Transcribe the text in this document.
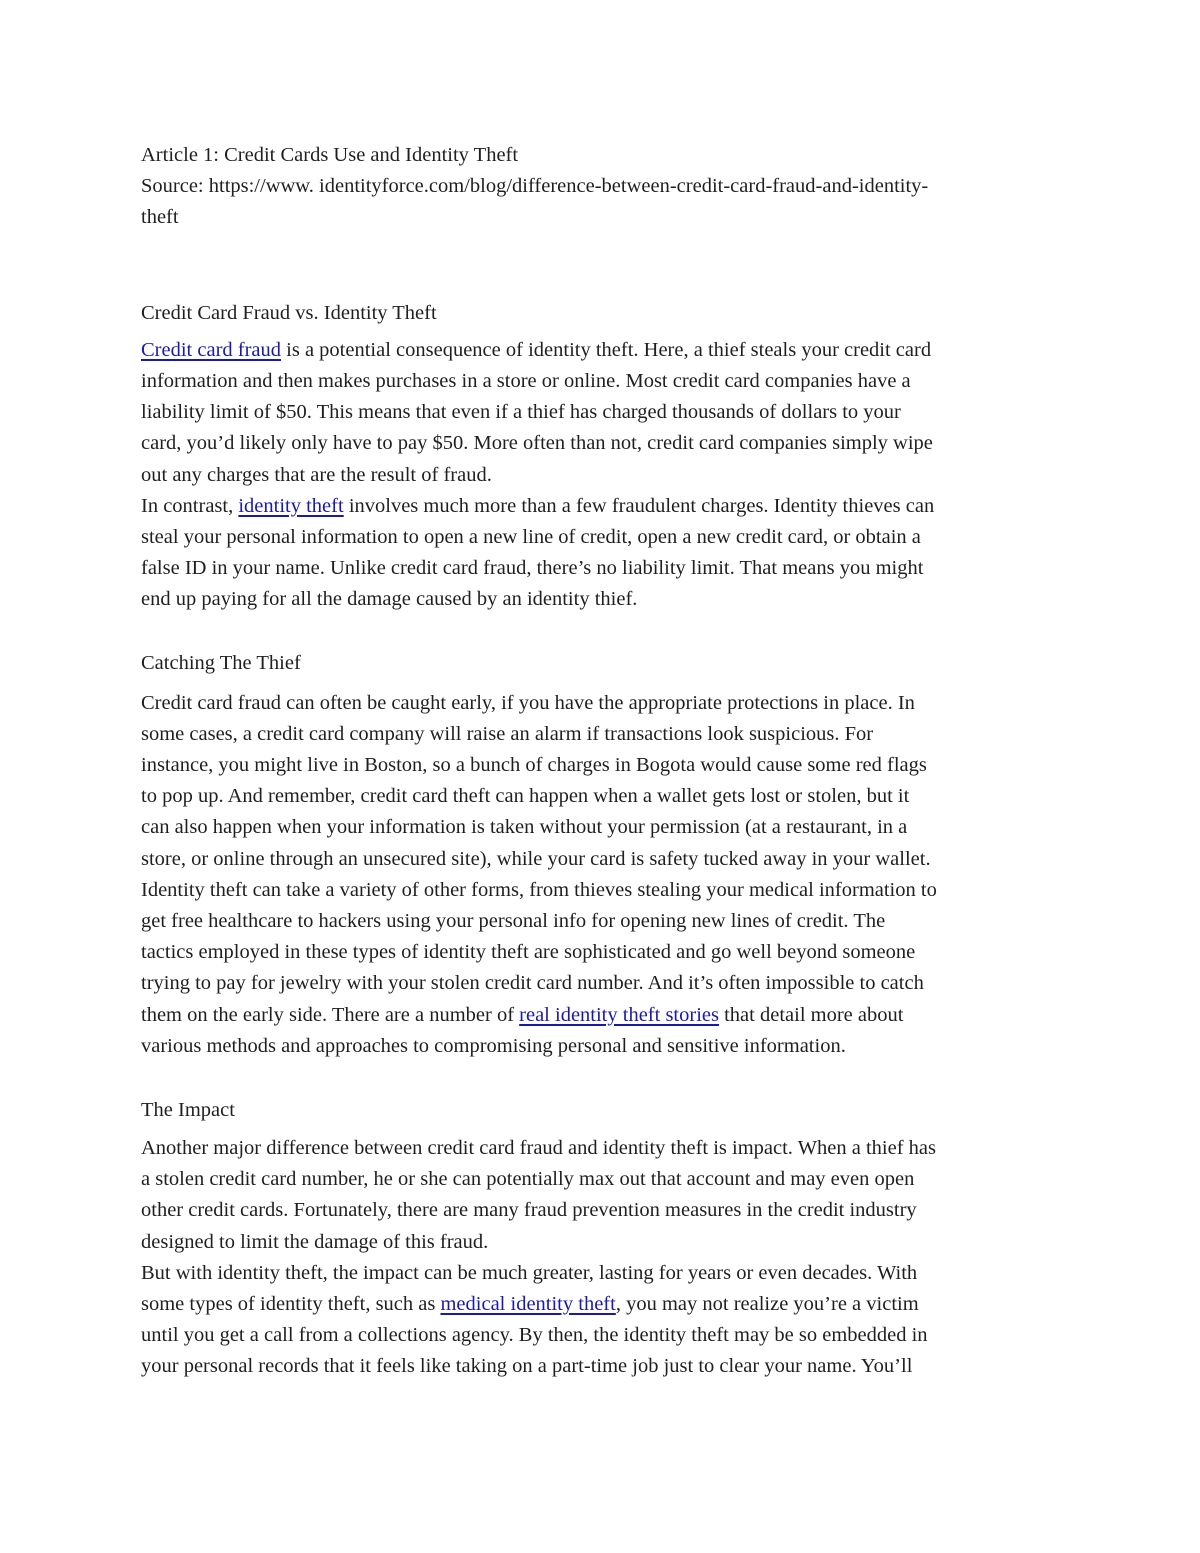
Article 1: Credit Cards Use and Identity Theft
Source: https://www. identityforce.com/blog/difference-between-credit-card-fraud-and-identity-
theft
Credit Card Fraud vs. Identity Theft
Credit card fraud is a potential consequence of identity theft. Here, a thief steals your credit card
information and then makes purchases in a store or online. Most credit card companies have a
liability limit of $50. This means that even if a thief has charged thousands of dollars to your
card, you’d likely only have to pay $50. More often than not, credit card companies simply wipe
out any charges that are the result of fraud.
In contrast, identity theft involves much more than a few fraudulent charges. Identity thieves can
steal your personal information to open a new line of credit, open a new credit card, or obtain a
false ID in your name. Unlike credit card fraud, there’s no liability limit. That means you might
end up paying for all the damage caused by an identity thief.
Catching The Thief
Credit card fraud can often be caught early, if you have the appropriate protections in place. In
some cases, a credit card company will raise an alarm if transactions look suspicious. For
instance, you might live in Boston, so a bunch of charges in Bogota would cause some red flags
to pop up. And remember, credit card theft can happen when a wallet gets lost or stolen, but it
can also happen when your information is taken without your permission (at a restaurant, in a
store, or online through an unsecured site), while your card is safety tucked away in your wallet.
Identity theft can take a variety of other forms, from thieves stealing your medical information to
get free healthcare to hackers using your personal info for opening new lines of credit. The
tactics employed in these types of identity theft are sophisticated and go well beyond someone
trying to pay for jewelry with your stolen credit card number. And it’s often impossible to catch
them on the early side. There are a number of real identity theft stories that detail more about
various methods and approaches to compromising personal and sensitive information.
The Impact
Another major difference between credit card fraud and identity theft is impact. When a thief has
a stolen credit card number, he or she can potentially max out that account and may even open
other credit cards. Fortunately, there are many fraud prevention measures in the credit industry
designed to limit the damage of this fraud.
But with identity theft, the impact can be much greater, lasting for years or even decades. With
some types of identity theft, such as medical identity theft, you may not realize you’re a victim
until you get a call from a collections agency. By then, the identity theft may be so embedded in
your personal records that it feels like taking on a part-time job just to clear your name. You’ll
